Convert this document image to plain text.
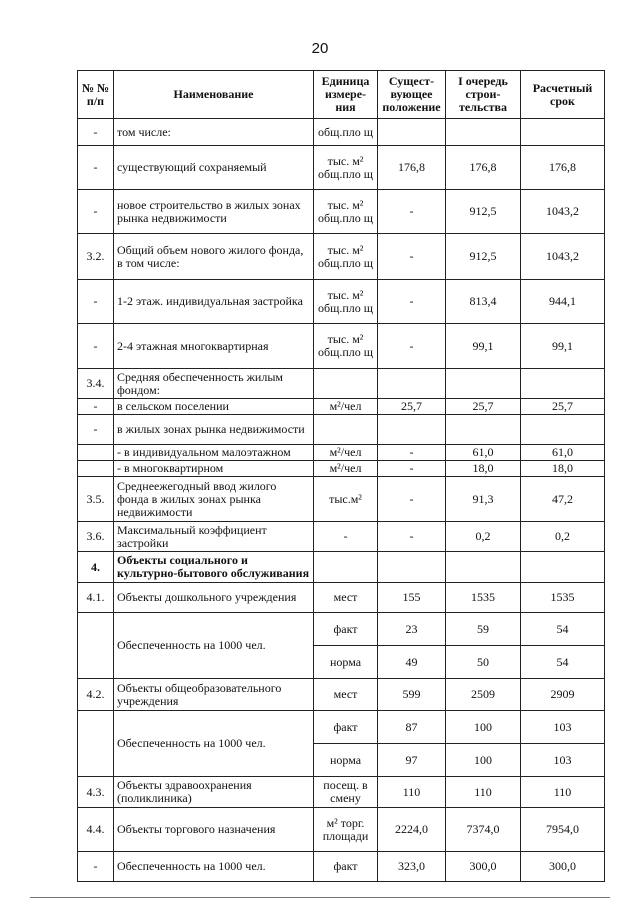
20
№ № п/п	Наименование	Единица измере-ния	Сущест-вующее положение	I очередь строи-тельства	Расчетный срок
-	том числе:	общ.пло щ			
-	существующий сохраняемый	тыс. м² общ.пло щ	176,8	176,8	176,8
-	новое строительство в жилых зонах рынка недвижимости	тыс. м² общ.пло щ	-	912,5	1043,2
3.2.	Общий объем нового жилого фонда, в том числе:	тыс. м² общ.пло щ	-	912,5	1043,2
-	1-2 этаж. индивидуальная застройка	тыс. м² общ.пло щ	-	813,4	944,1
-	2-4 этажная многоквартирная	тыс. м² общ.пло щ	-	99,1	99,1
3.4.	Средняя обеспеченность жилым фондом:				
-	в сельском поселении	м²/чел	25,7	25,7	25,7
-	в жилых зонах рынка недвижимости				
	- в индивидуальном малоэтажном	м²/чел	-	61,0	61,0
	- в многоквартирном	м²/чел	-	18,0	18,0
3.5.	Среднеежегодный ввод жилого фонда в жилых зонах рынка недвижимости	тыс.м²	-	91,3	47,2
3.6.	Максимальный коэффициент застройки	-	-	0,2	0,2
4.	Объекты социального и культурно-бытового обслуживания				
4.1.	Объекты дошкольного учреждения	мест	155	1535	1535
	Обеспеченность на 1000 чел.	факт	23	59	54
		норма	49	50	54
4.2.	Объекты общеобразовательного учреждения	мест	599	2509	2909
	Обеспеченность на 1000 чел.	факт	87	100	103
		норма	97	100	103
4.3.	Объекты здравоохранения (поликлиника)	посещ. в смену	110	110	110
4.4.	Объекты торгового назначения	м² торг. площади	2224,0	7374,0	7954,0
-	Обеспеченность на 1000 чел.	факт	323,0	300,0	300,0
